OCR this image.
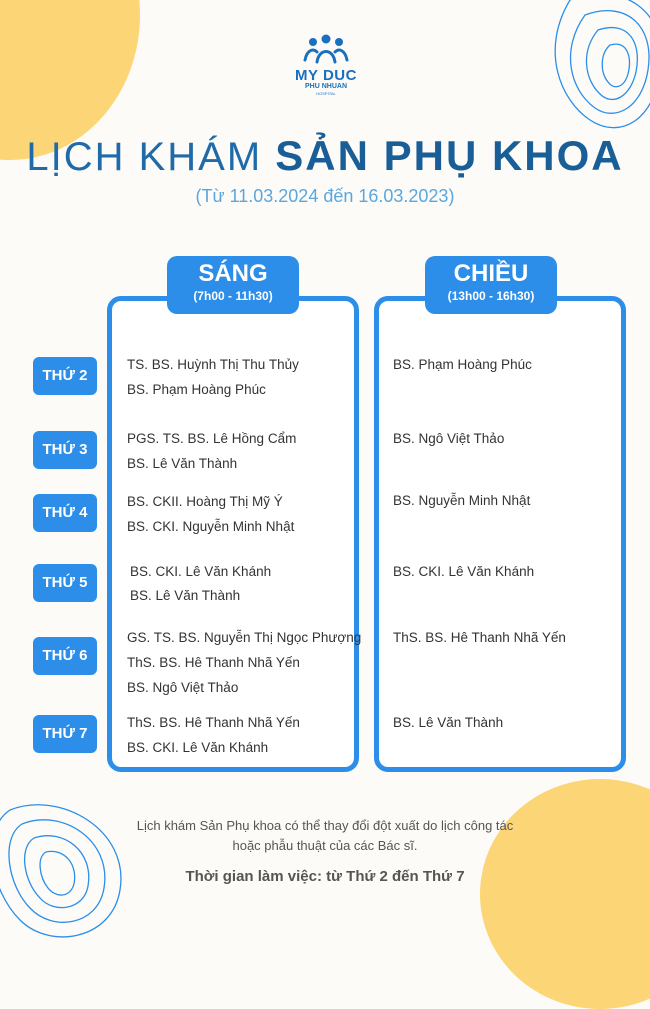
MY DUC
PHU NHUAN
HOSPITAL
LỊCH KHÁM SẢN PHỤ KHOA
(Từ 11.03.2024 đến 16.03.2023)
SÁNG
(7h00 - 11h30)
CHIỀU
(13h00 - 16h30)
THỨ 2
TS. BS. Huỳnh Thị Thu Thủy
BS. Phạm Hoàng Phúc
BS. Phạm Hoàng Phúc
THỨ 3
PGS. TS. BS. Lê Hồng Cẩm
BS. Lê Văn Thành
BS. Ngô Việt Thảo
THỨ 4
BS. CKII. Hoàng Thị Mỹ Ý
BS. CKI. Nguyễn Minh Nhật
BS. Nguyễn Minh Nhật
THỨ 5
BS. CKI. Lê Văn Khánh
BS. Lê Văn Thành
BS. CKI. Lê Văn Khánh
THỨ 6
GS. TS. BS. Nguyễn Thị Ngọc Phượng
ThS. BS. Hê Thanh Nhã Yến
BS. Ngô Việt Thảo
ThS. BS. Hê Thanh Nhã Yến
THỨ 7
ThS. BS. Hê Thanh Nhã Yến
BS. CKI. Lê Văn Khánh
BS. Lê Văn Thành
Lịch khám Sản Phụ khoa có thể thay đổi đột xuất do lịch công tác
hoặc phẫu thuật của các Bác sĩ.
Thời gian làm việc: từ Thứ 2 đến Thứ 7
